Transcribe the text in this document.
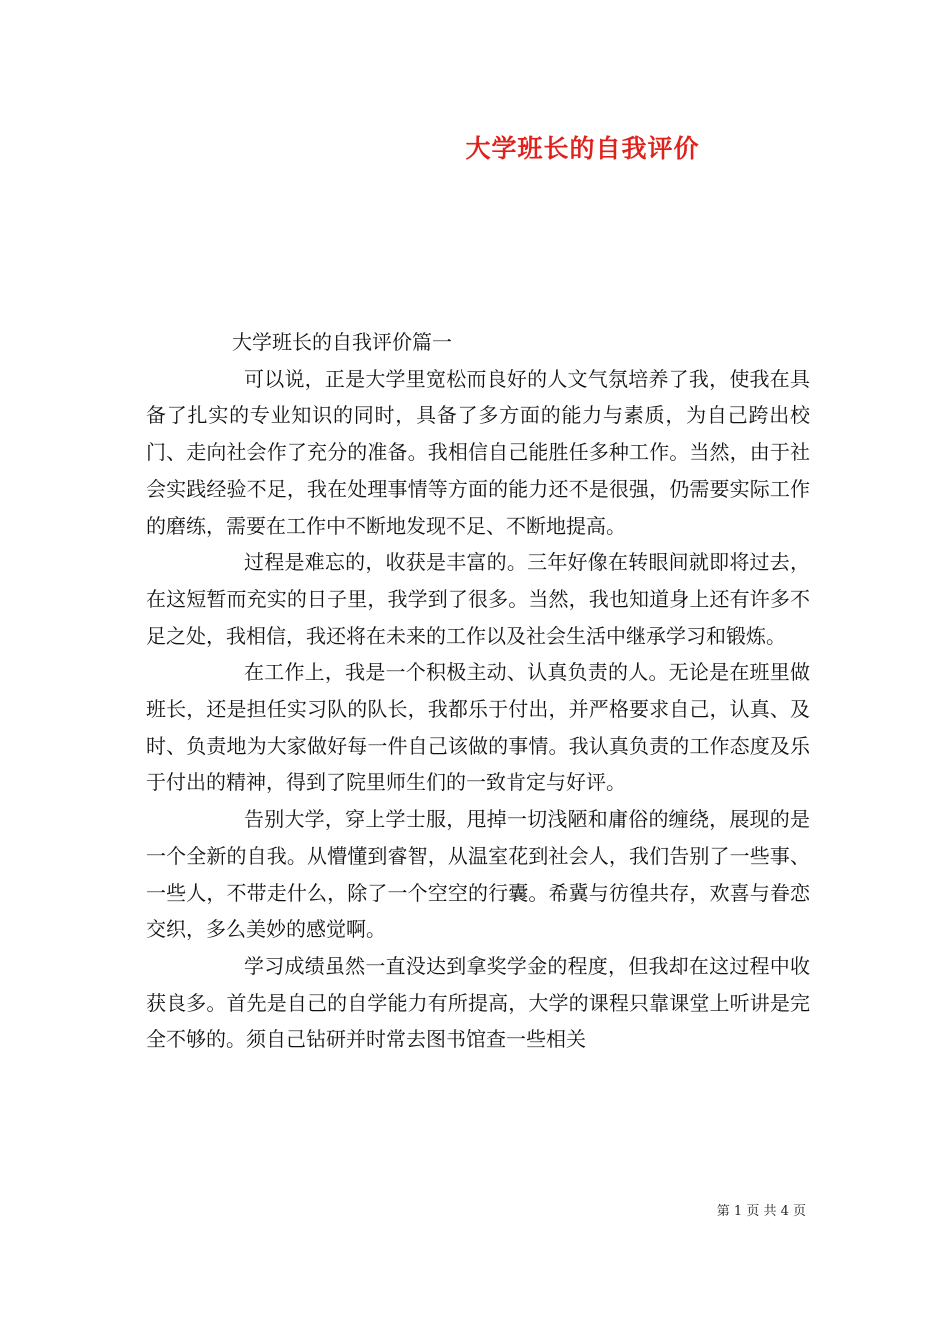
大学班长的自我评价

大学班长的自我评价篇一

可以说，正是大学里宽松而良好的人文气氛培养了我，使我在具备了扎实的专业知识的同时，具备了多方面的能力与素质，为自己跨出校门、走向社会作了充分的准备。我相信自己能胜任多种工作。当然，由于社会实践经验不足，我在处理事情等方面的能力还不是很强，仍需要实际工作的磨练，需要在工作中不断地发现不足、不断地提高。

过程是难忘的，收获是丰富的。三年好像在转眼间就即将过去，在这短暂而充实的日子里，我学到了很多。当然，我也知道身上还有许多不足之处，我相信，我还将在未来的工作以及社会生活中继承学习和锻炼。

在工作上，我是一个积极主动、认真负责的人。无论是在班里做班长，还是担任实习队的队长，我都乐于付出，并严格要求自己，认真、及时、负责地为大家做好每一件自己该做的事情。我认真负责的工作态度及乐于付出的精神，得到了院里师生们的一致肯定与好评。

告别大学，穿上学士服，甩掉一切浅陋和庸俗的缠绕，展现的是一个全新的自我。从懵懂到睿智，从温室花到社会人，我们告别了一些事、一些人，不带走什么，除了一个空空的行囊。希冀与彷徨共存，欢喜与眷恋交织，多么美妙的感觉啊。

学习成绩虽然一直没达到拿奖学金的程度，但我却在这过程中收获良多。首先是自己的自学能力有所提高，大学的课程只靠课堂上听讲是完全不够的。须自己钻研并时常去图书馆查一些相关

第 1 页 共 4 页
